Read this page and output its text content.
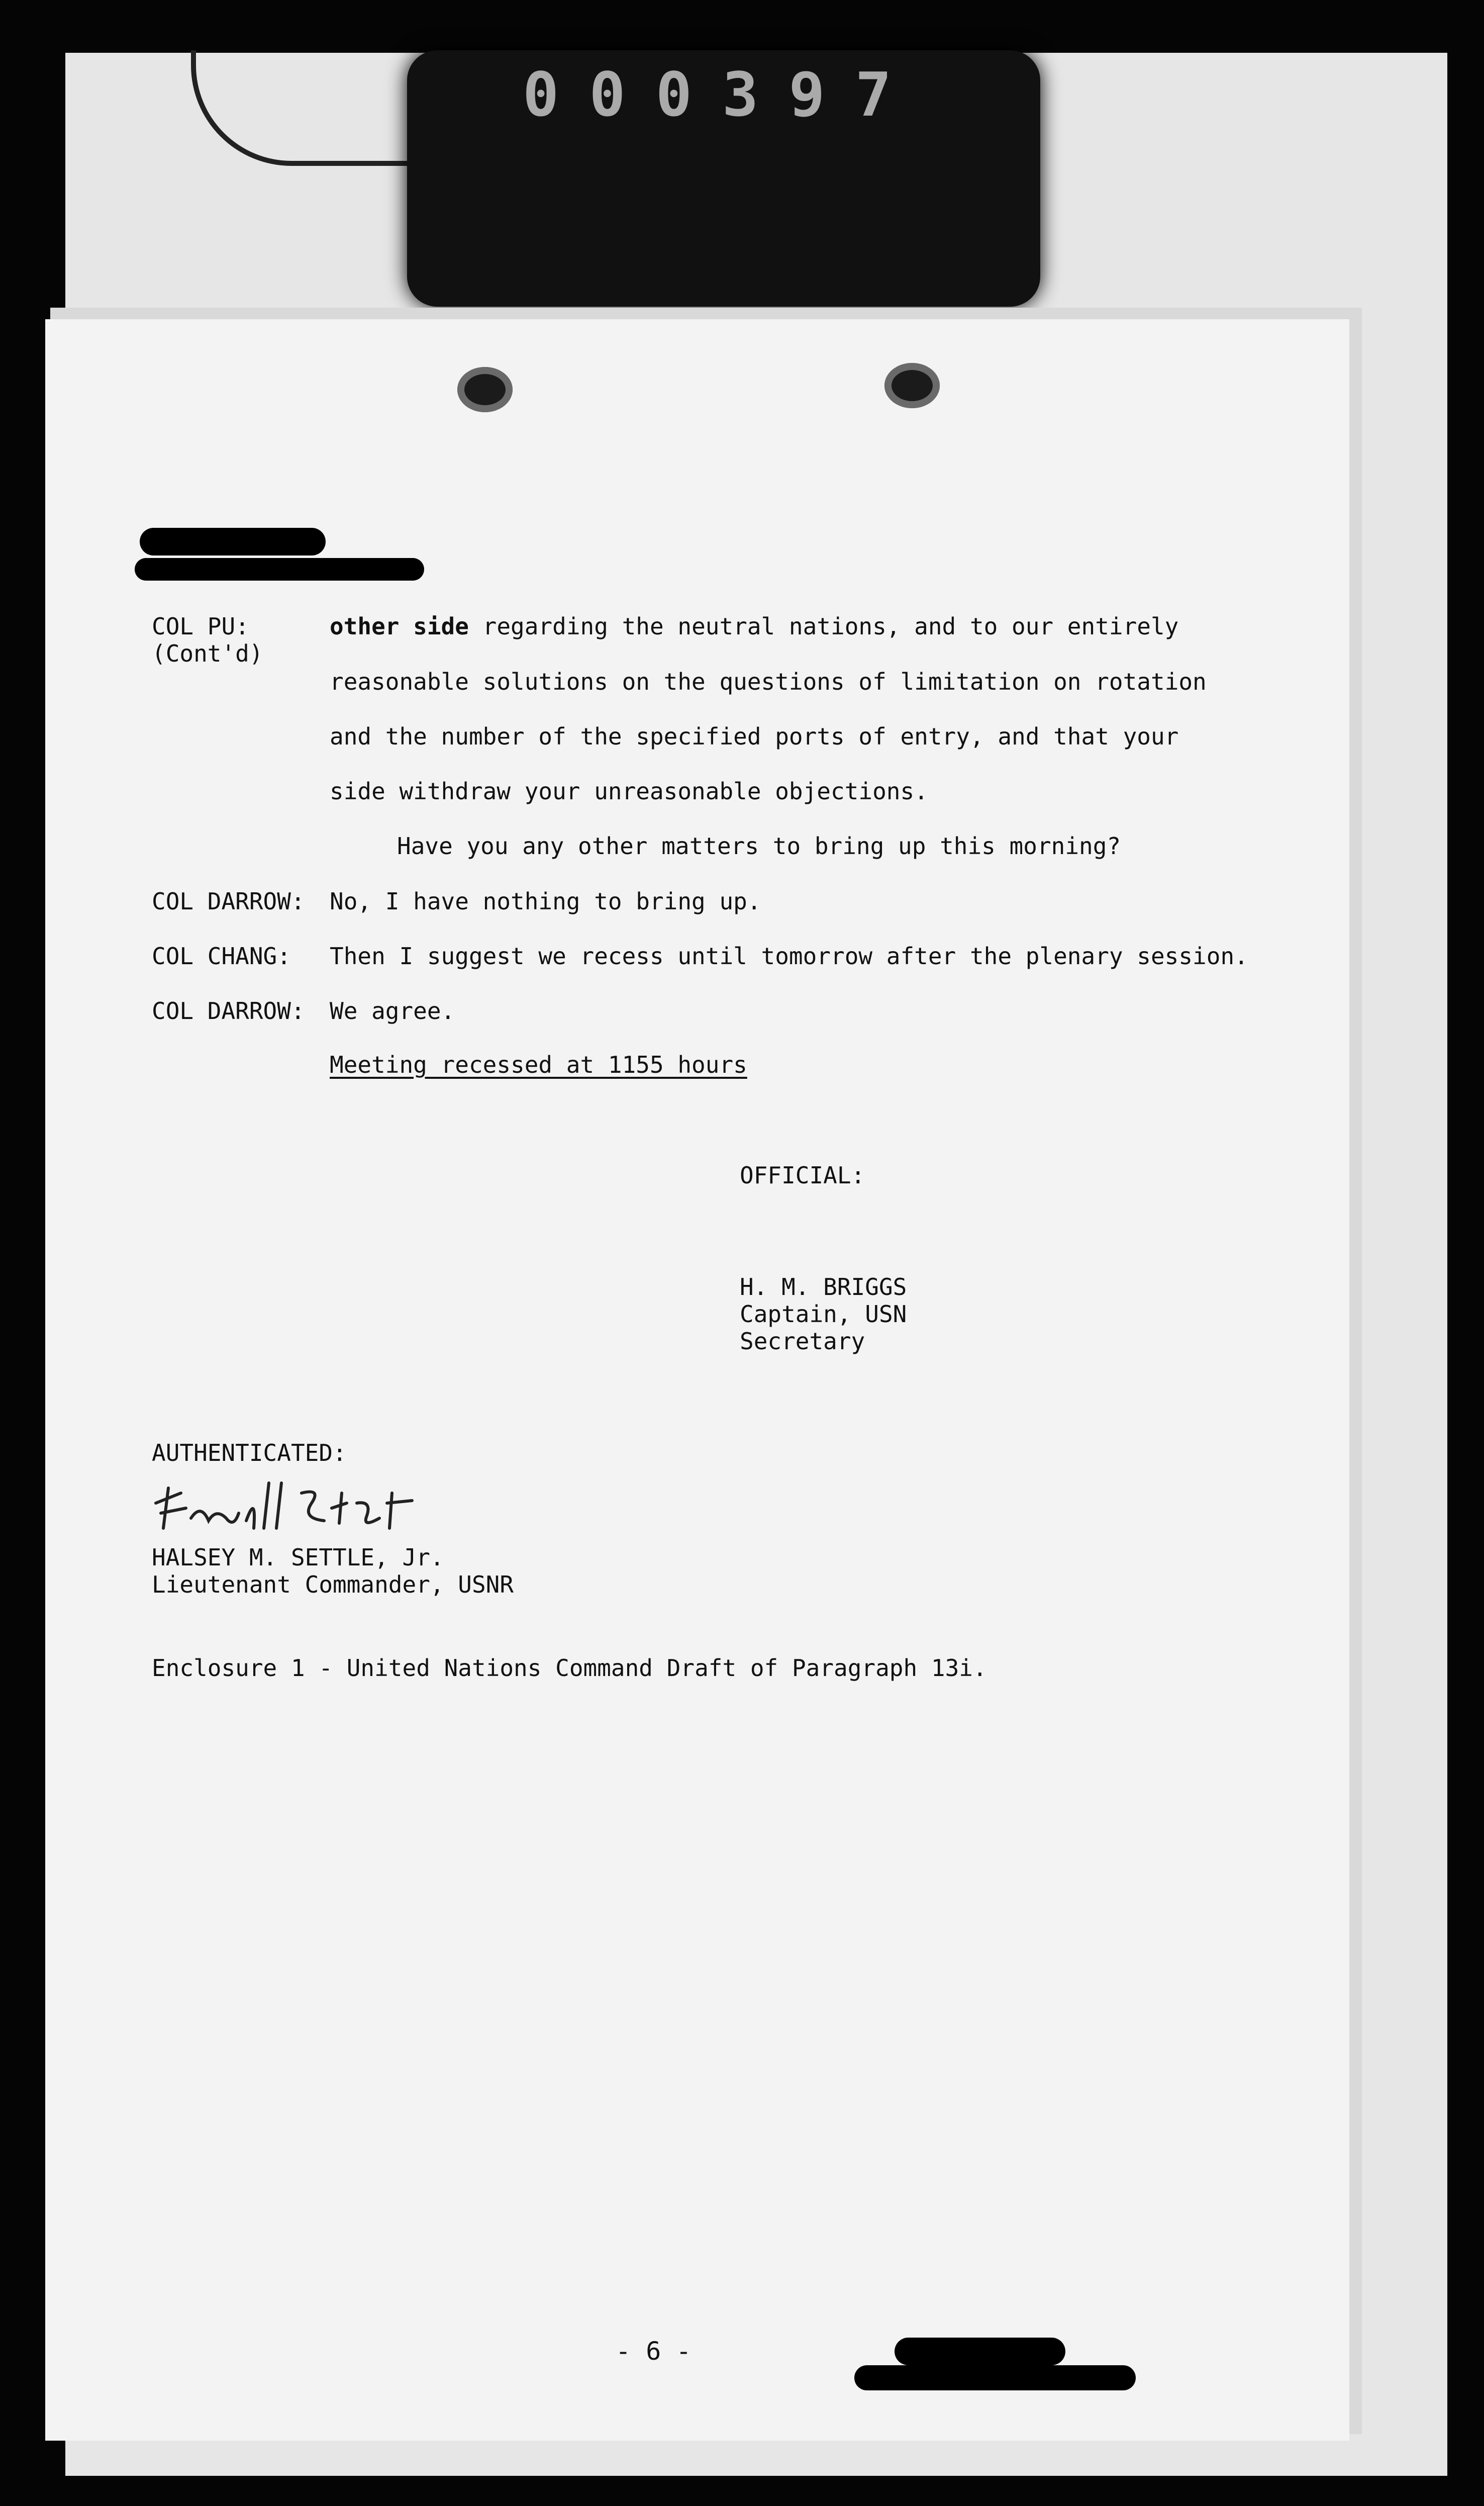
0 0 0 3 9 7
COL PU:	other side regarding the neutral nations, and to our entirely
(Cont'd)
reasonable solutions on the questions of limitation on rotation
and the number of the specified ports of entry, and that your
side withdraw your unreasonable objections.
Have you any other matters to bring up this morning?
COL DARROW: No, I have nothing to bring up.
COL CHANG: Then I suggest we recess until tomorrow after the plenary session.
COL DARROW: We agree.
Meeting recessed at 1155 hours
OFFICIAL:
H. M. BRIGGS
Captain, USN
Secretary
AUTHENTICATED:
HALSEY M. SETTLE, Jr.
Lieutenant Commander, USNR
Enclosure 1 - United Nations Command Draft of Paragraph 13i.
- 6 -
